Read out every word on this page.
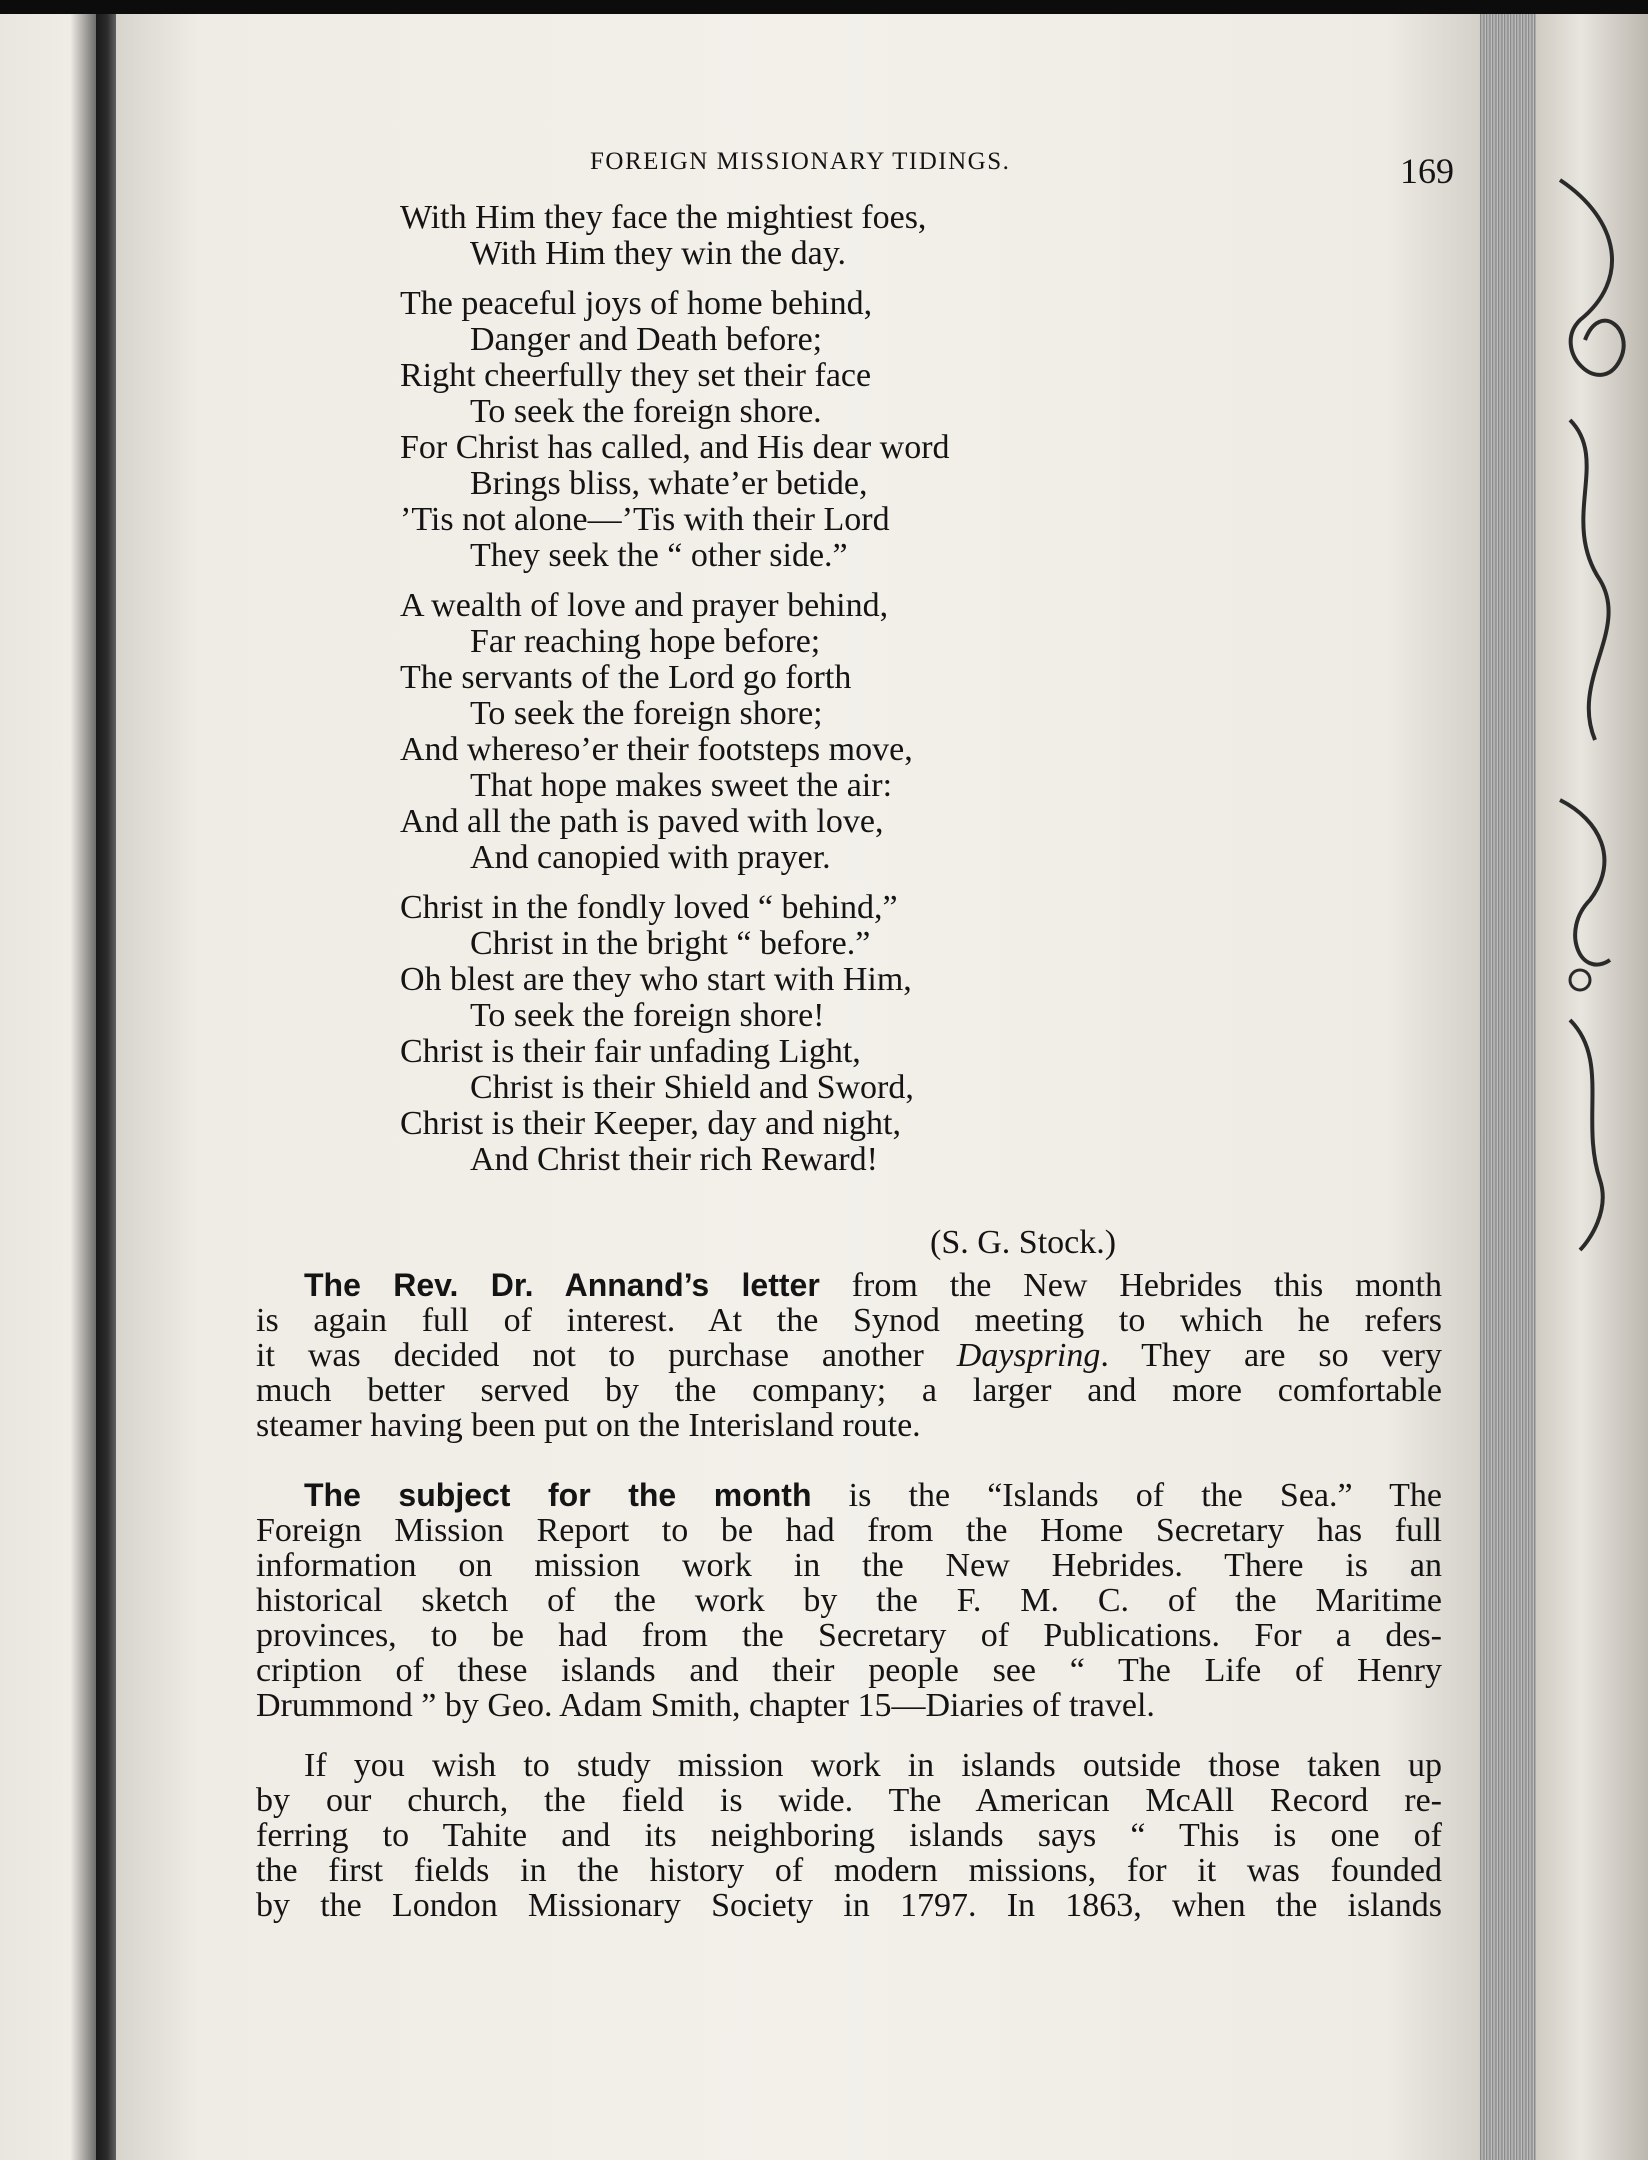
FOREIGN MISSIONARY TIDINGS.	169
With Him they face the mightiest foes,
With Him they win the day.
The peaceful joys of home behind,
Danger and Death before;
Right cheerfully they set their face
To seek the foreign shore.
For Christ has called, and His dear word
Brings bliss, whate’er betide,
’Tis not alone—’Tis with their Lord
They seek the “ other side.”
A wealth of love and prayer behind,
Far reaching hope before;
The servants of the Lord go forth
To seek the foreign shore;
And whereso’er their footsteps move,
That hope makes sweet the air:
And all the path is paved with love,
And canopied with prayer.
Christ in the fondly loved “ behind,”
Christ in the bright “ before.”
Oh blest are they who start with Him,
To seek the foreign shore!
Christ is their fair unfading Light,
Christ is their Shield and Sword,
Christ is their Keeper, day and night,
And Christ their rich Reward!
(S. G. Stock.)
The Rev. Dr. Annand’s letter from the New Hebrides this month
is again full of interest. At the Synod meeting to which he refers
it was decided not to purchase another Dayspring. They are so very
much better served by the company; a larger and more comfortable
steamer having been put on the Interisland route.
The subject for the month is the “Islands of the Sea.” The
Foreign Mission Report to be had from the Home Secretary has full
information on mission work in the New Hebrides. There is an
historical sketch of the work by the F. M. C. of the Maritime
provinces, to be had from the Secretary of Publications. For a des-
cription of these islands and their people see “ The Life of Henry
Drummond ” by Geo. Adam Smith, chapter 15—Diaries of travel.
If you wish to study mission work in islands outside those taken up
by our church, the field is wide. The American McAll Record re-
ferring to Tahite and its neighboring islands says “ This is one of
the first fields in the history of modern missions, for it was founded
by the London Missionary Society in 1797. In 1863, when the islands
